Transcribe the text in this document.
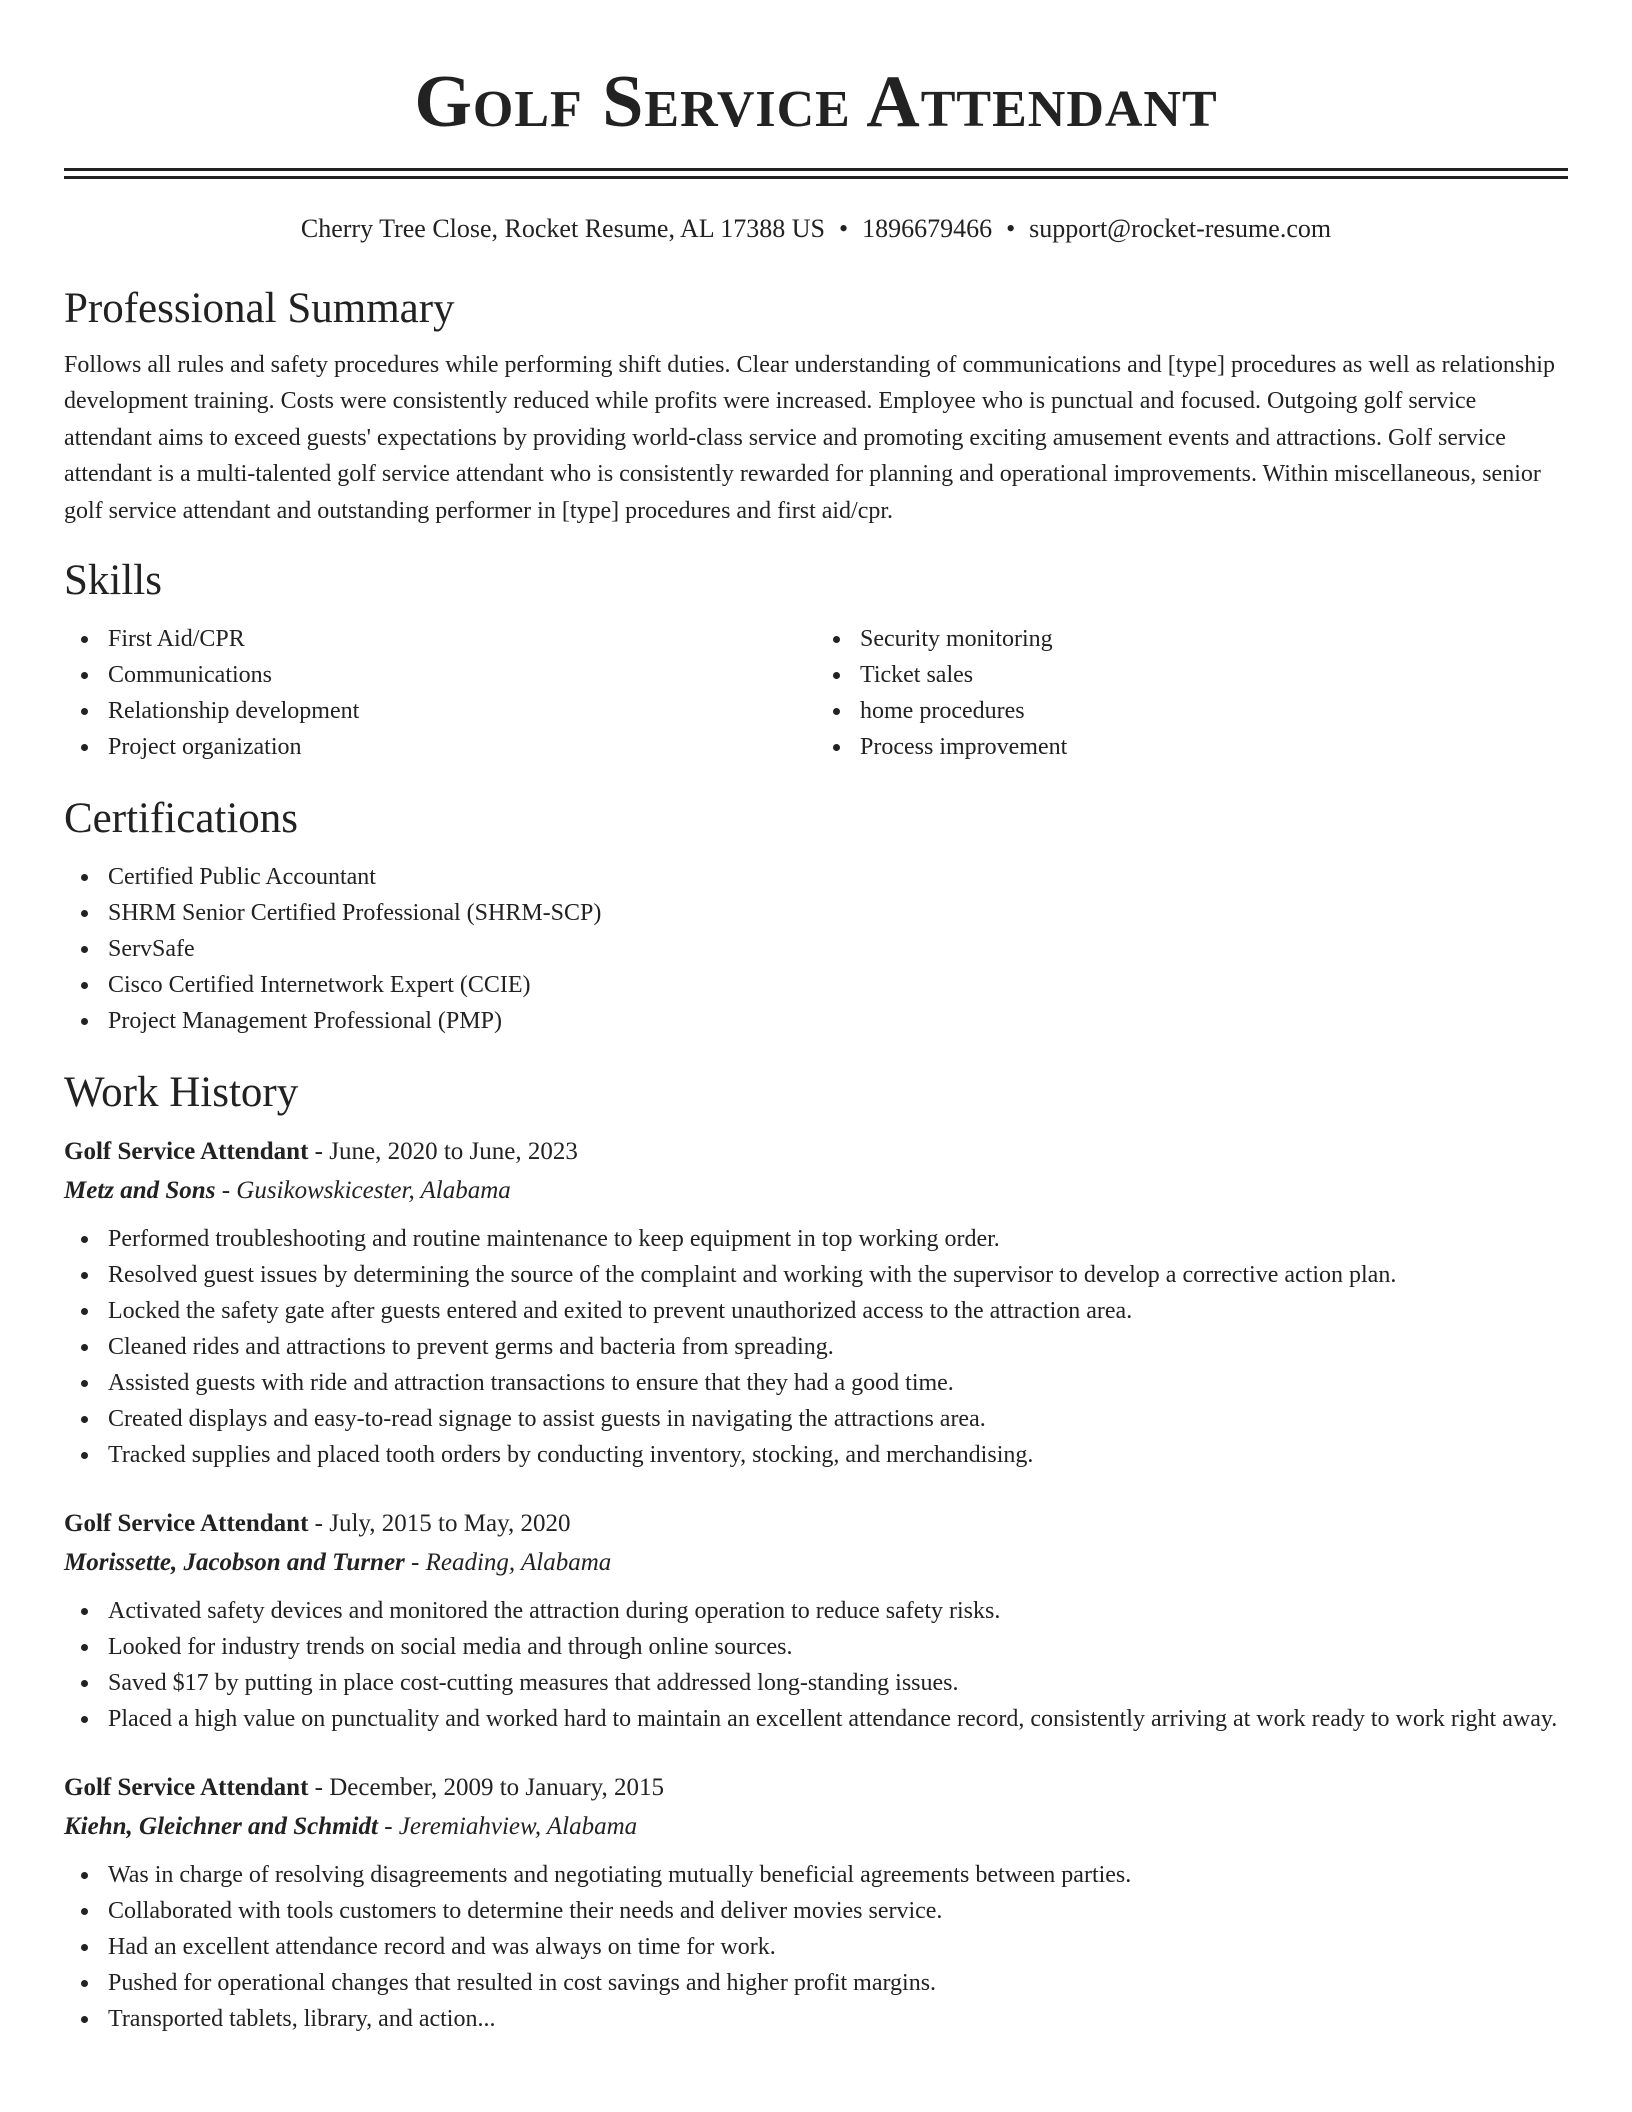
Golf Service Attendant
Cherry Tree Close, Rocket Resume, AL 17388 US • 1896679466 • support@rocket-resume.com
Professional Summary

Follows all rules and safety procedures while performing shift duties. Clear understanding of communications and [type] procedures as well as relationship development training. Costs were consistently reduced while profits were increased. Employee who is punctual and focused. Outgoing golf service attendant aims to exceed guests' expectations by providing world-class service and promoting exciting amusement events and attractions. Golf service attendant is a multi-talented golf service attendant who is consistently rewarded for planning and operational improvements. Within miscellaneous, senior golf service attendant and outstanding performer in [type] procedures and first aid/cpr.

Skills
First Aid/CPR
Communications
Relationship development
Project organization
Security monitoring
Ticket sales
home procedures
Process improvement
Certifications
Certified Public Accountant
SHRM Senior Certified Professional (SHRM-SCP)
ServSafe
Cisco Certified Internetwork Expert (CCIE)
Project Management Professional (PMP)
Work History
Golf Service Attendant - June, 2020 to June, 2023
Metz and Sons - Gusikowskicester, Alabama
Performed troubleshooting and routine maintenance to keep equipment in top working order.
Resolved guest issues by determining the source of the complaint and working with the supervisor to develop a corrective action plan.
Locked the safety gate after guests entered and exited to prevent unauthorized access to the attraction area.
Cleaned rides and attractions to prevent germs and bacteria from spreading.
Assisted guests with ride and attraction transactions to ensure that they had a good time.
Created displays and easy-to-read signage to assist guests in navigating the attractions area.
Tracked supplies and placed tooth orders by conducting inventory, stocking, and merchandising.
Golf Service Attendant - July, 2015 to May, 2020
Morissette, Jacobson and Turner - Reading, Alabama
Activated safety devices and monitored the attraction during operation to reduce safety risks.
Looked for industry trends on social media and through online sources.
Saved $17 by putting in place cost-cutting measures that addressed long-standing issues.
Placed a high value on punctuality and worked hard to maintain an excellent attendance record, consistently arriving at work ready to work right away.
Golf Service Attendant - December, 2009 to January, 2015
Kiehn, Gleichner and Schmidt - Jeremiahview, Alabama
Was in charge of resolving disagreements and negotiating mutually beneficial agreements between parties.
Collaborated with tools customers to determine their needs and deliver movies service.
Had an excellent attendance record and was always on time for work.
Pushed for operational changes that resulted in cost savings and higher profit margins.
Transported tablets, library, and action...
